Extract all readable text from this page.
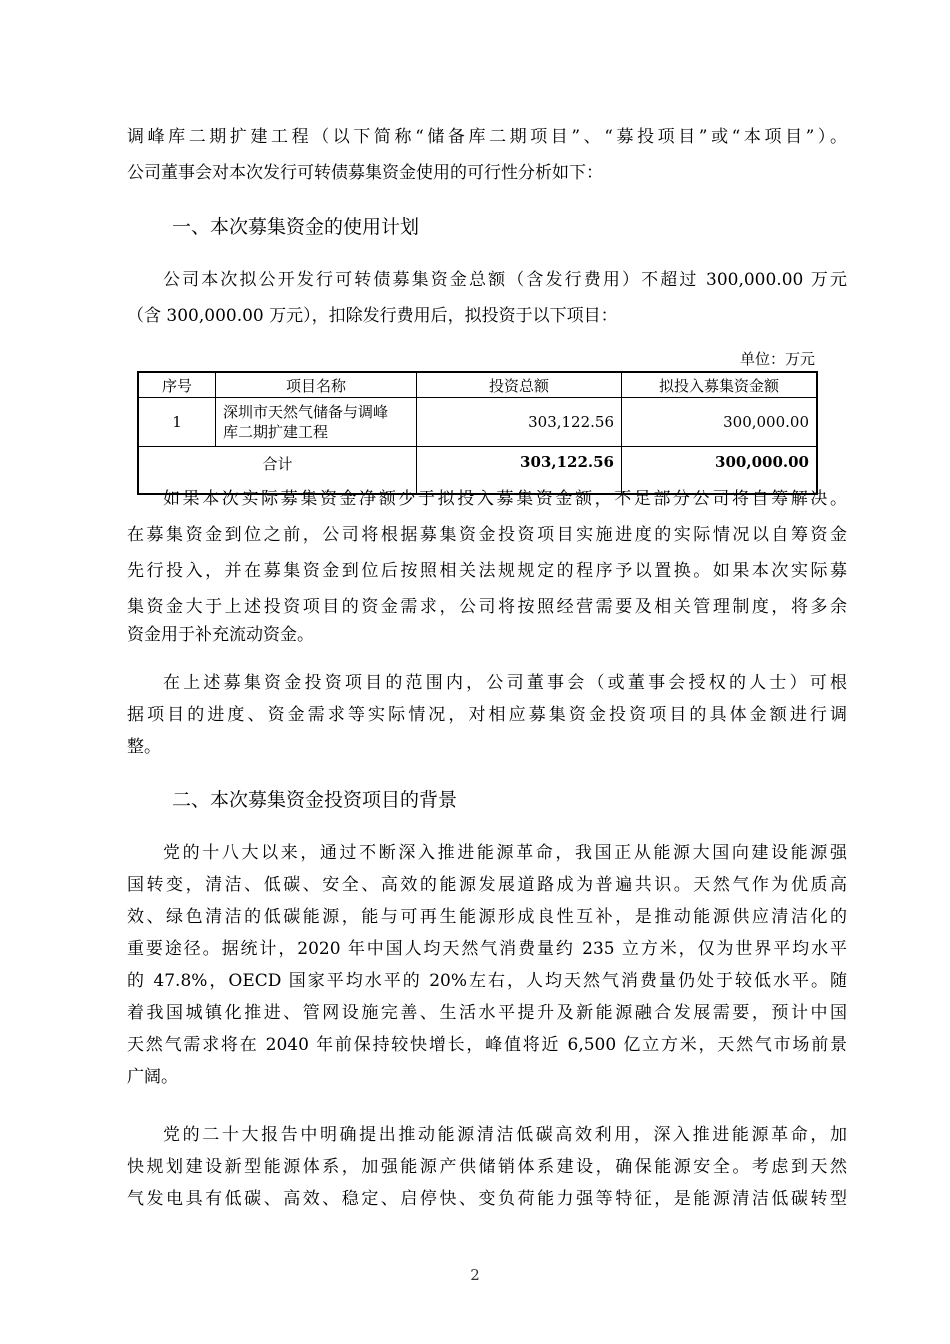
调峰库二期扩建工程（以下简称“储备库二期项目”、“募投项目”或“本项目”）。
公司董事会对本次发行可转债募集资金使用的可行性分析如下：
一、本次募集资金的使用计划
公司本次拟公开发行可转债募集资金总额（含发行费用）不超过 300,000.00 万元
（含 300,000.00 万元），扣除发行费用后，拟投资于以下项目：
单位：万元
序号	项目名称	投资总额	拟投入募集资金额
1	深圳市天然气储备与调峰
库二期扩建工程	303,122.56	300,000.00
合计		303,122.56	300,000.00
如果本次实际募集资金净额少于拟投入募集资金额，不足部分公司将自筹解决。
在募集资金到位之前，公司将根据募集资金投资项目实施进度的实际情况以自筹资金
先行投入，并在募集资金到位后按照相关法规规定的程序予以置换。如果本次实际募
集资金大于上述投资项目的资金需求，公司将按照经营需要及相关管理制度，将多余
资金用于补充流动资金。
在上述募集资金投资项目的范围内，公司董事会（或董事会授权的人士）可根
据项目的进度、资金需求等实际情况，对相应募集资金投资项目的具体金额进行调
整。
二、本次募集资金投资项目的背景
党的十八大以来，通过不断深入推进能源革命，我国正从能源大国向建设能源强
国转变，清洁、低碳、安全、高效的能源发展道路成为普遍共识。天然气作为优质高
效、绿色清洁的低碳能源，能与可再生能源形成良性互补，是推动能源供应清洁化的
重要途径。据统计，2020 年中国人均天然气消费量约 235 立方米，仅为世界平均水平
的 47.8%，OECD 国家平均水平的 20%左右，人均天然气消费量仍处于较低水平。随
着我国城镇化推进、管网设施完善、生活水平提升及新能源融合发展需要，预计中国
天然气需求将在 2040 年前保持较快增长，峰值将近 6,500 亿立方米，天然气市场前景
广阔。
党的二十大报告中明确提出推动能源清洁低碳高效利用，深入推进能源革命，加
快规划建设新型能源体系，加强能源产供储销体系建设，确保能源安全。考虑到天然
气发电具有低碳、高效、稳定、启停快、变负荷能力强等特征，是能源清洁低碳转型
2
